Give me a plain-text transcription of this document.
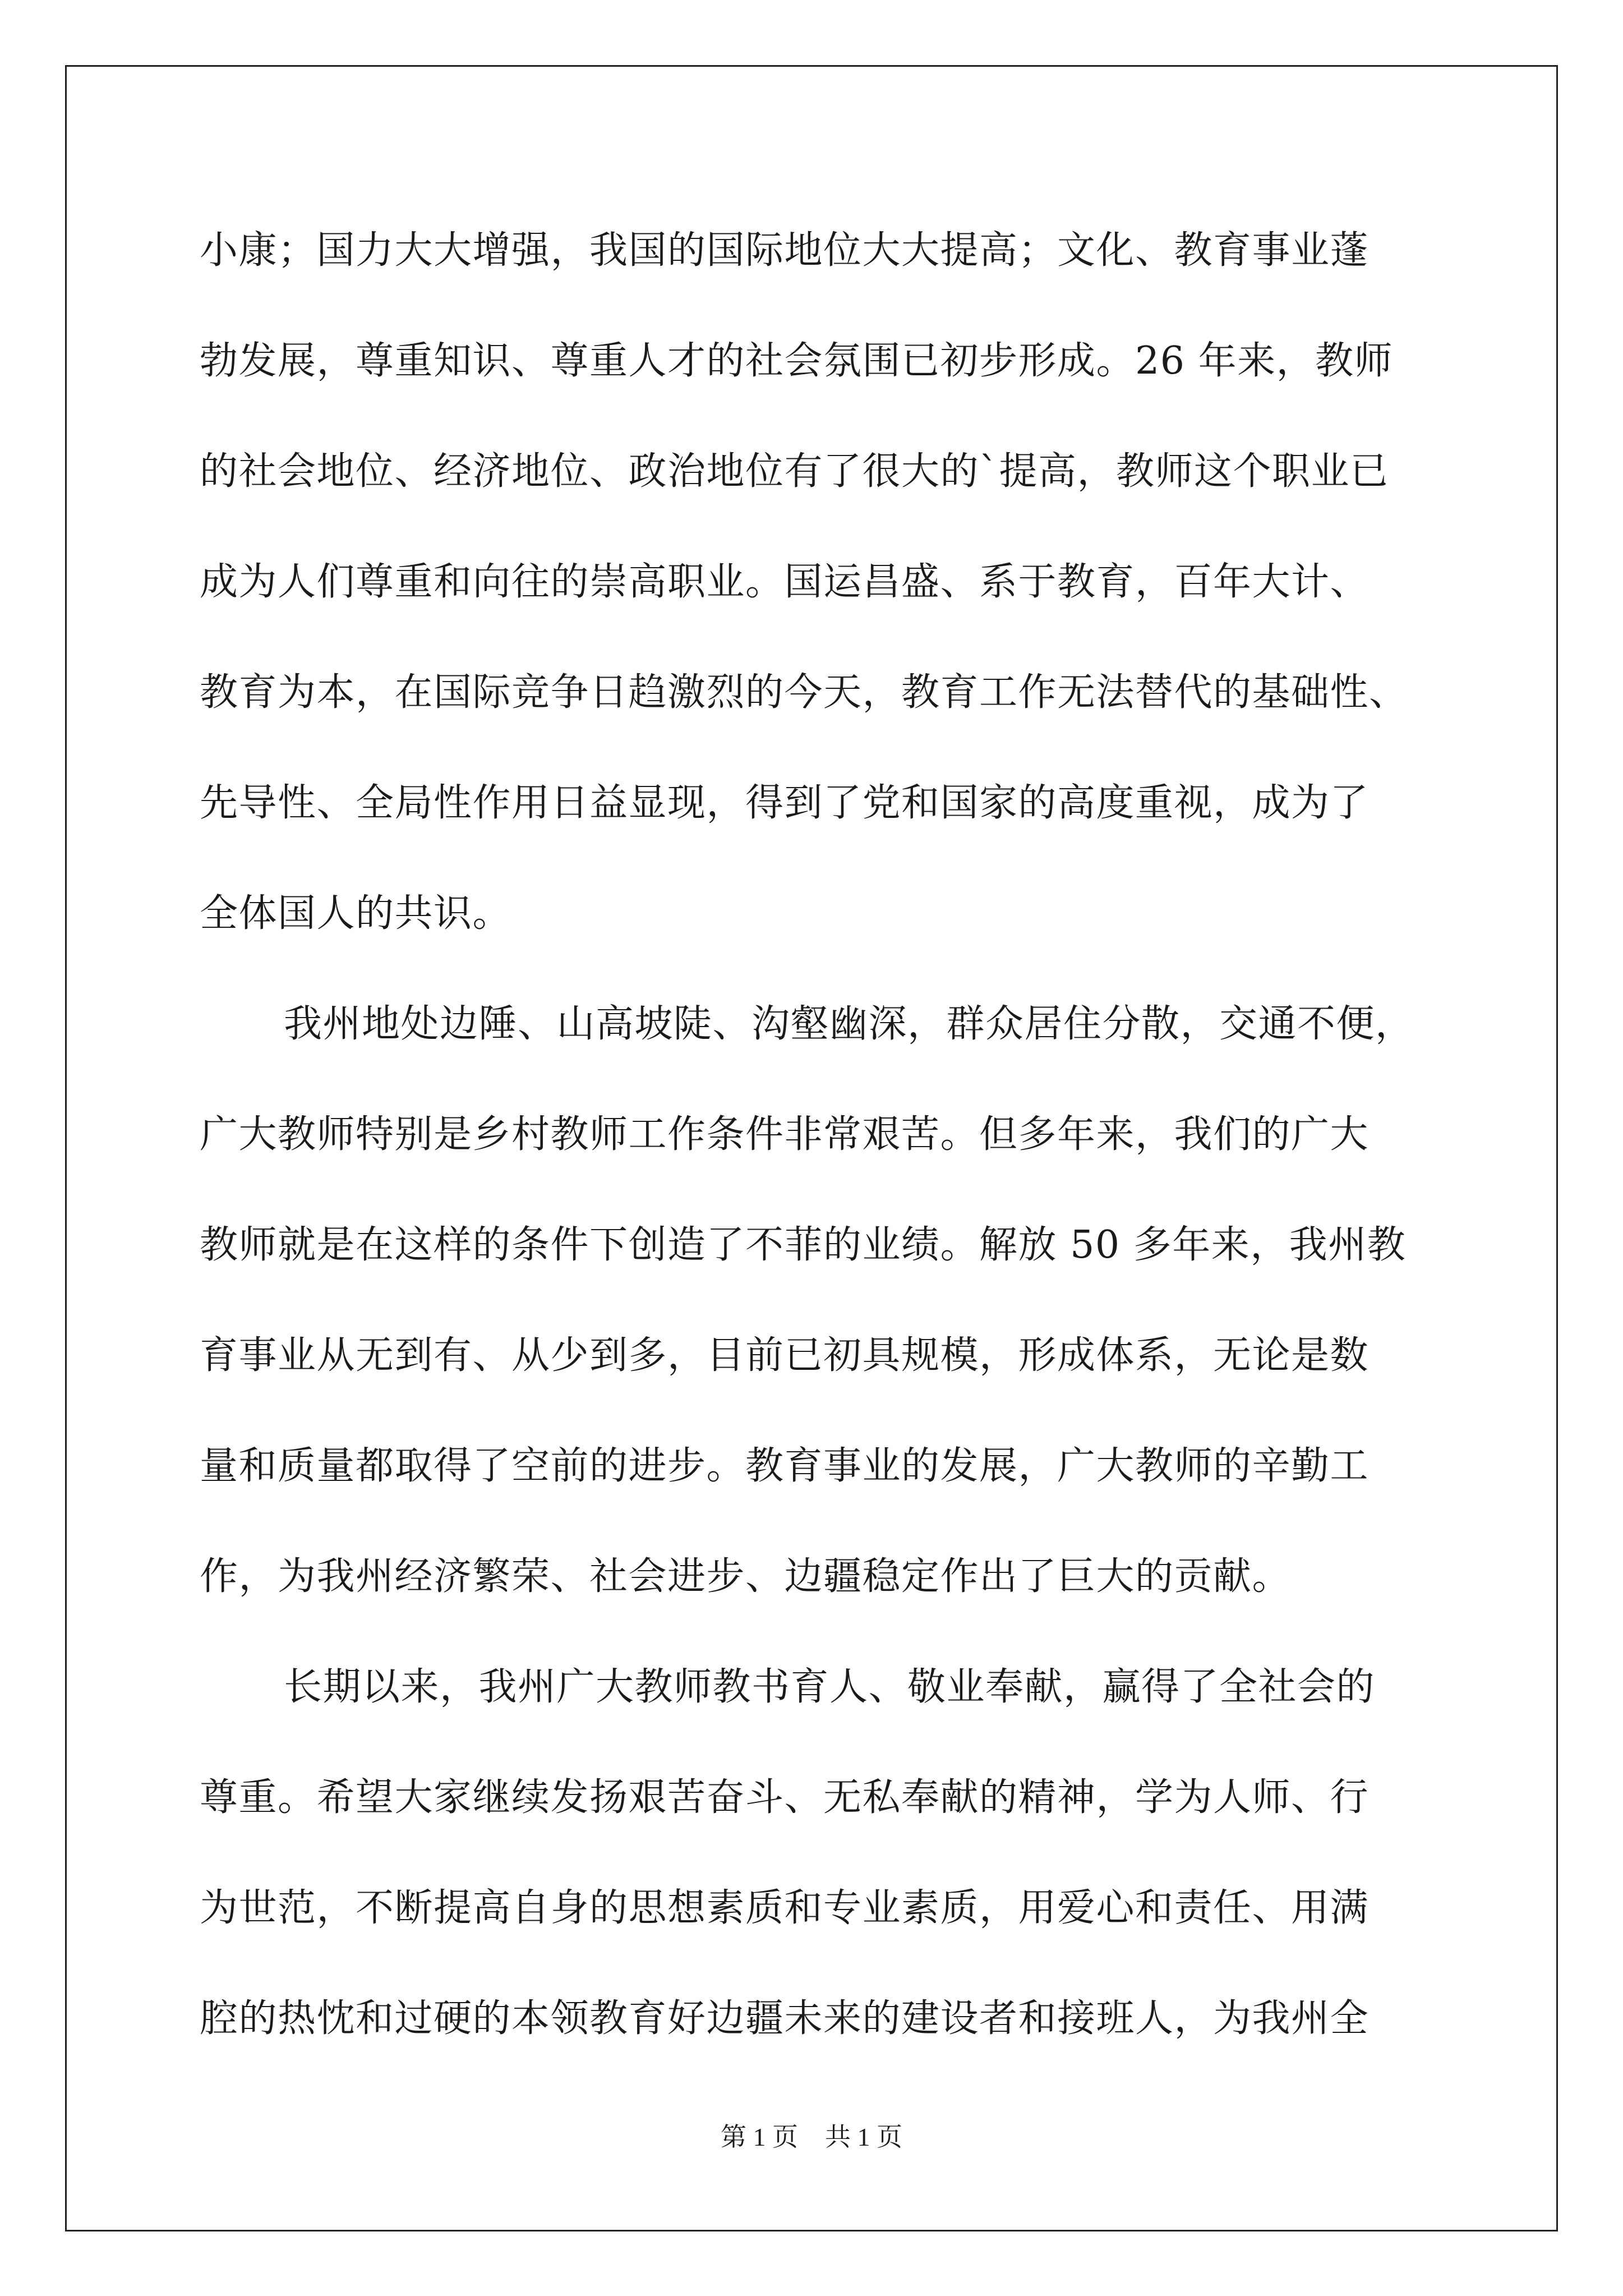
小康；国力大大增强，我国的国际地位大大提高；文化、教育事业蓬
勃发展，尊重知识、尊重人才的社会氛围已初步形成。26 年来，教师
的社会地位、经济地位、政治地位有了很大的`提高，教师这个职业已
成为人们尊重和向往的崇高职业。国运昌盛、系于教育，百年大计、
教育为本，在国际竞争日趋激烈的今天，教育工作无法替代的基础性、
先导性、全局性作用日益显现，得到了党和国家的高度重视，成为了
全体国人的共识。
我州地处边陲、山高坡陡、沟壑幽深，群众居住分散，交通不便，
广大教师特别是乡村教师工作条件非常艰苦。但多年来，我们的广大
教师就是在这样的条件下创造了不菲的业绩。解放 50 多年来，我州教
育事业从无到有、从少到多，目前已初具规模，形成体系，无论是数
量和质量都取得了空前的进步。教育事业的发展，广大教师的辛勤工
作，为我州经济繁荣、社会进步、边疆稳定作出了巨大的贡献。
长期以来，我州广大教师教书育人、敬业奉献，赢得了全社会的
尊重。希望大家继续发扬艰苦奋斗、无私奉献的精神，学为人师、行
为世范，不断提高自身的思想素质和专业素质，用爱心和责任、用满
腔的热忱和过硬的本领教育好边疆未来的建设者和接班人，为我州全
第 1 页 共 1 页
